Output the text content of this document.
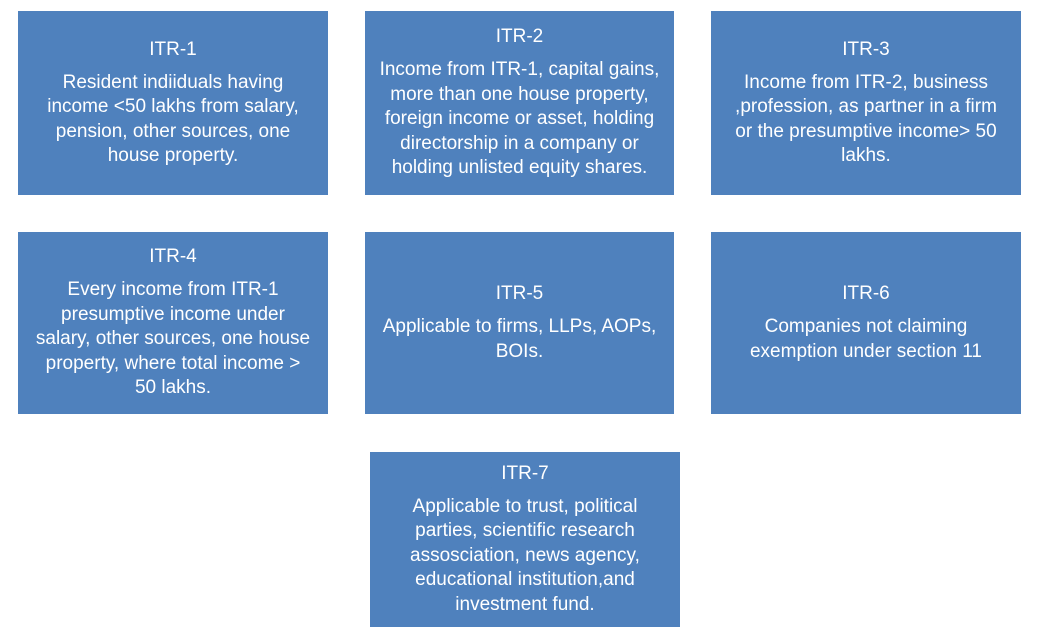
ITR-1
Resident indiiduals having
income <50 lakhs from salary,
pension, other sources, one
house property.
ITR-2
Income from ITR-1, capital gains,
more than one house property,
foreign income or asset, holding
directorship in a company or
holding unlisted equity shares.
ITR-3
Income from ITR-2, business
,profession, as partner in a firm
or the presumptive income> 50
lakhs.
ITR-4
Every income from ITR-1
presumptive income under
salary, other sources, one house
property, where total income >
50 lakhs.
ITR-5
Applicable to firms, LLPs, AOPs,
BOIs.
ITR-6
Companies not claiming
exemption under section 11
ITR-7
Applicable to trust, political
parties, scientific research
assosciation, news agency,
educational institution,and
investment fund.
